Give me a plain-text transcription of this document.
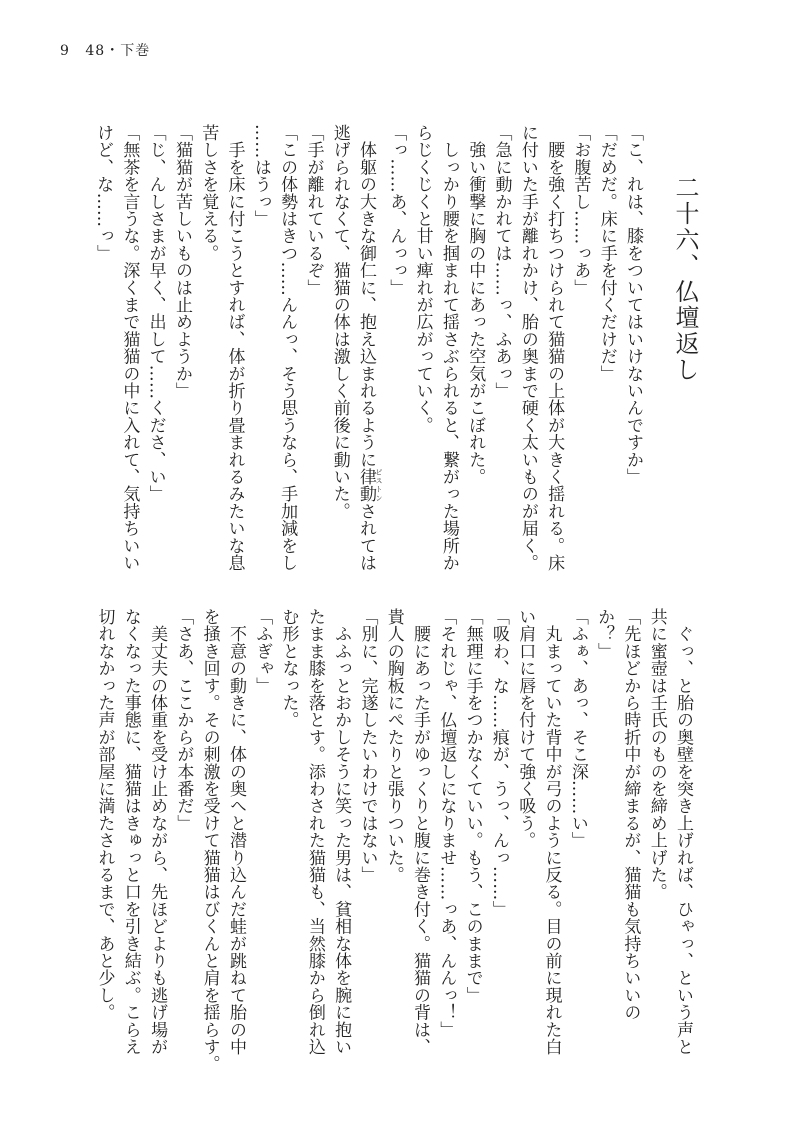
9 48・下巻
二十六、仏壇返し
「こ、れは、膝をついてはいけないんですか」
「だめだ。床に手を付くだけだ」
「お腹苦し……っあ」
　腰を強く打ちつけられて猫猫の上体が大きく揺れる。床
に付いた手が離れかけ、胎の奥まで硬く太いものが届く。
「急に動かれては……っ、ふあっ」
　強い衝撃に胸の中にあった空気がこぼれた。
　しっかり腰を掴まれて揺さぶられると、繋がった場所か
らじくじくと甘い痺れが広がっていく。
「っ……あ、んっっ」
　体躯の大きな御仁に、抱え込まれるように律動 ピストンされては
逃げられなくて、猫猫の体は激しく前後に動いた。
「手が離れているぞ」
「この体勢はきつ……んんっ、そう思うなら、手加減をし
……はうっ」
　手を床に付こうとすれば、体が折り畳まれるみたいな息
苦しさを覚える。
「猫猫が苦しいものは止めようか」
「じ、んしさまが早く、出して……くださ、い」
「無茶を言うな。深くまで猫猫の中に入れて、気持ちいい
けど、な……っ」
　ぐっ、と胎の奥壁を突き上げれば、ひゃっ、という声と
共に蜜壺は壬氏のものを締め上げた。
「先ほどから時折中が締まるが、猫猫も気持ちいいの
か？」
「ふぁ、あっ、そこ深……い」
　丸まっていた背中が弓のように反る。目の前に現れた白
い肩口に唇を付けて強く吸う。
「吸わ、な……痕が、うっ、んっ……」
「無理に手をつかなくていい。もう、このままで」
「それじゃ、仏壇返しになりませ……っあ、んんっ！」
　腰にあった手がゆっくりと腹に巻き付く。猫猫の背は、
貴人の胸板にぺたりと張りついた。
「別に、完遂したいわけではない」
　ふふっとおかしそうに笑った男は、貧相な体を腕に抱い
たまま膝を落とす。添わされた猫猫も、当然膝から倒れ込
む形となった。
「ふぎゃ」
　不意の動きに、体の奥へと潜り込んだ蛙が跳ねて胎の中
を掻き回す。その刺激を受けて猫猫はびくんと肩を揺らす。
「さあ、ここからが本番だ」
　美丈夫の体重を受け止めながら、先ほどよりも逃げ場が
なくなった事態に、猫猫はきゅっと口を引き結ぶ。こらえ
切れなかった声が部屋に満たされるまで、あと少し。
